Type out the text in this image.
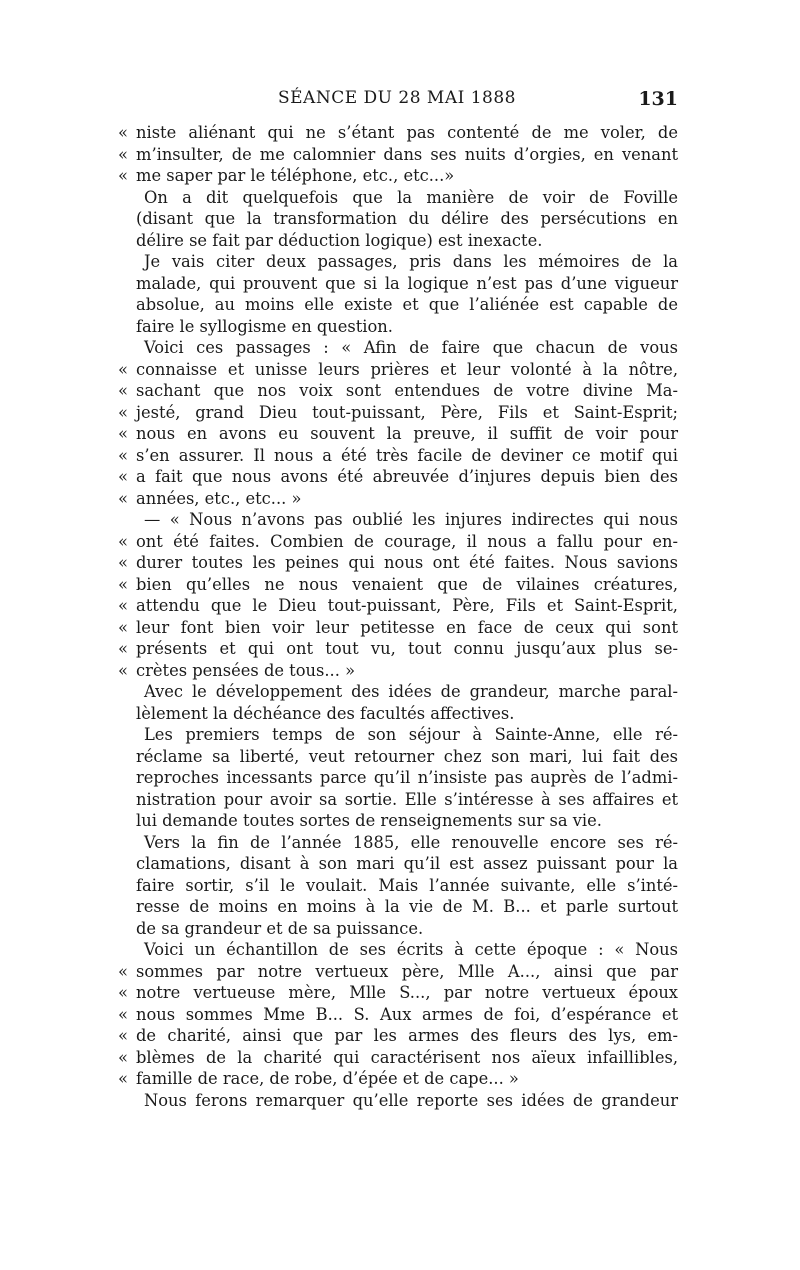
SÉANCE DU 28 MAI 1888	131
« niste aliénant qui ne s’étant pas contenté de me voler, de
« m’insulter, de me calomnier dans ses nuits d’orgies, en venant
« me saper par le téléphone, etc., etc...»
On a dit quelquefois que la manière de voir de Foville
(disant que la transformation du délire des persécutions en
délire se fait par déduction logique) est inexacte.
Je vais citer deux passages, pris dans les mémoires de la
malade, qui prouvent que si la logique n’est pas d’une vigueur
absolue, au moins elle existe et que l’aliénée est capable de
faire le syllogisme en question.
Voici ces passages : « Afin de faire que chacun de vous
« connaisse et unisse leurs prières et leur volonté à la nôtre,
« sachant que nos voix sont entendues de votre divine Ma-
« jesté, grand Dieu tout-puissant, Père, Fils et Saint-Esprit;
« nous en avons eu souvent la preuve, il suffit de voir pour
« s’en assurer. Il nous a été très facile de deviner ce motif qui
« a fait que nous avons été abreuvée d’injures depuis bien des
« années, etc., etc... »
— « Nous n’avons pas oublié les injures indirectes qui nous
« ont été faites. Combien de courage, il nous a fallu pour en-
« durer toutes les peines qui nous ont été faites. Nous savions
« bien qu’elles ne nous venaient que de vilaines créatures,
« attendu que le Dieu tout-puissant, Père, Fils et Saint-Esprit,
« leur font bien voir leur petitesse en face de ceux qui sont
« présents et qui ont tout vu, tout connu jusqu’aux plus se-
« crètes pensées de tous... »
Avec le développement des idées de grandeur, marche paral-
lèlement la déchéance des facultés affectives.
Les premiers temps de son séjour à Sainte-Anne, elle ré-
réclame sa liberté, veut retourner chez son mari, lui fait des
reproches incessants parce qu’il n’insiste pas auprès de l’admi-
nistration pour avoir sa sortie. Elle s’intéresse à ses affaires et
lui demande toutes sortes de renseignements sur sa vie.
Vers la fin de l’année 1885, elle renouvelle encore ses ré-
clamations, disant à son mari qu’il est assez puissant pour la
faire sortir, s’il le voulait. Mais l’année suivante, elle s’inté-
resse de moins en moins à la vie de M. B... et parle surtout
de sa grandeur et de sa puissance.
Voici un échantillon de ses écrits à cette époque : « Nous
« sommes par notre vertueux père, Mlle A..., ainsi que par
« notre vertueuse mère, Mlle S..., par notre vertueux époux
« nous sommes Mme B... S. Aux armes de foi, d’espérance et
« de charité, ainsi que par les armes des fleurs des lys, em-
« blèmes de la charité qui caractérisent nos aïeux infaillibles,
« famille de race, de robe, d’épée et de cape... »
Nous ferons remarquer qu’elle reporte ses idées de grandeur
